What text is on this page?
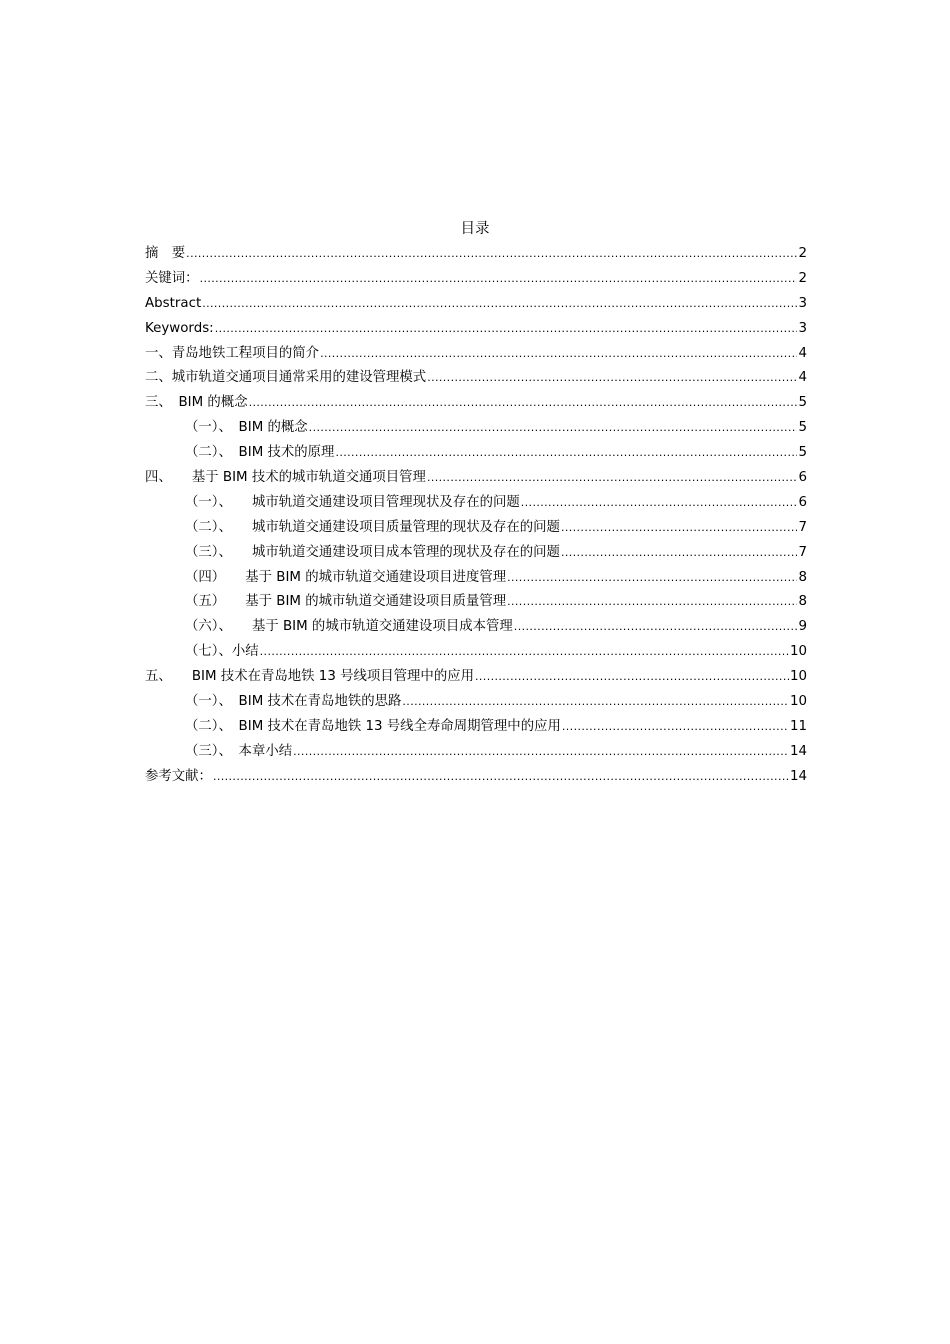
目录
摘　要 .....	2
关键词： .....	2
Abstract .....	3
Keywords: .....	3
一、青岛地铁工程项目的简介 .....	4
二、城市轨道交通项目通常采用的建设管理模式 .....	4
三、　BIM 的概念 .....	5
（一）、　BIM 的概念 .....	5
（二）、　BIM 技术的原理 .....	5
四、　　基于 BIM 技术的城市轨道交通项目管理 .....	6
（一）、　　城市轨道交通建设项目管理现状及存在的问题 .....	6
（二）、　　城市轨道交通建设项目质量管理的现状及存在的问题 .....	7
（三）、　　城市轨道交通建设项目成本管理的现状及存在的问题 .....	7
（四）　　基于 BIM 的城市轨道交通建设项目进度管理 .....	8
（五）　　基于 BIM 的城市轨道交通建设项目质量管理 .....	8
（六）、　　基于 BIM 的城市轨道交通建设项目成本管理 .....	9
（七）、小结 .....	10
五、　　BIM 技术在青岛地铁 13 号线项目管理中的应用 .....	10
（一）、　BIM 技术在青岛地铁的思路 .....	10
（二）、　BIM 技术在青岛地铁 13 号线全寿命周期管理中的应用 .....	11
（三）、　本章小结 .....	14
参考文献： .....	14
